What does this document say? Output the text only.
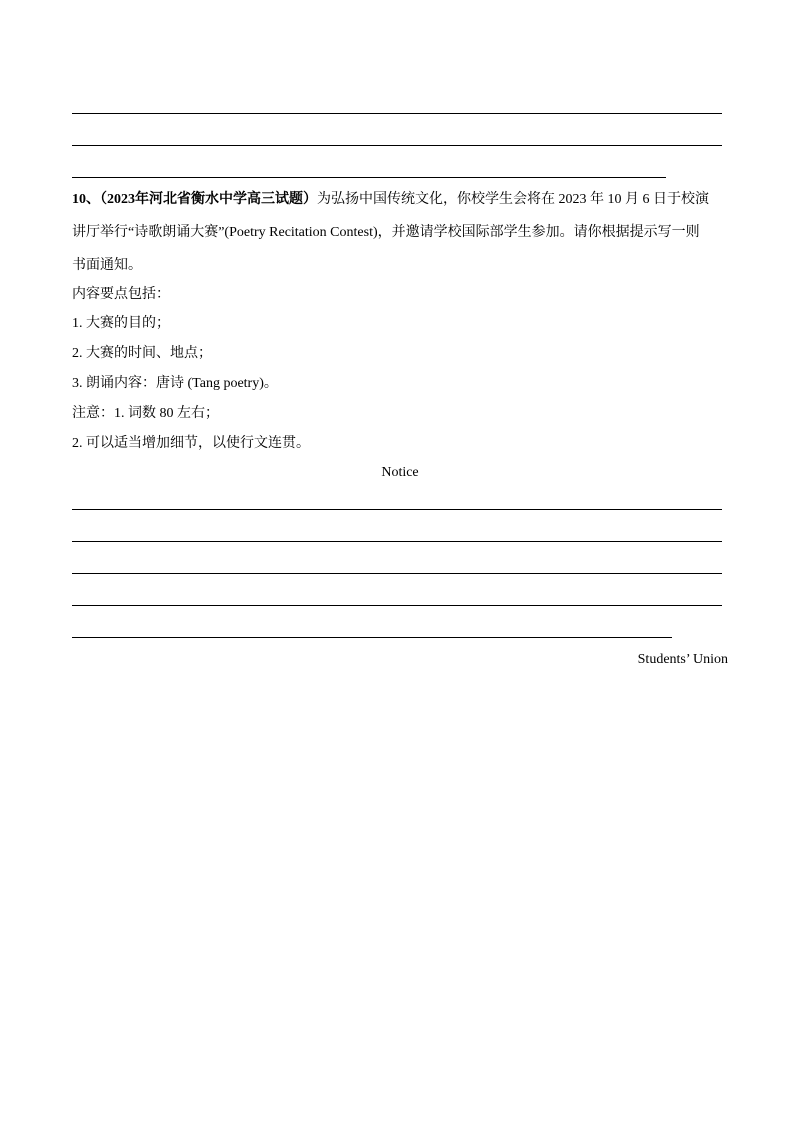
10、（2023年河北省衡水中学高三试题）为弘扬中国传统文化，你校学生会将在 2023 年 10 月 6 日于校演
讲厅举行“诗歌朗诵大赛”(Poetry Recitation Contest)，并邀请学校国际部学生参加。请你根据提示写一则
书面通知。
内容要点包括：
1. 大赛的目的；
2. 大赛的时间、地点；
3. 朗诵内容：唐诗 (Tang poetry)。
注意：1. 词数 80 左右；
2. 可以适当增加细节，以使行文连贯。
Notice
Students’ Union
